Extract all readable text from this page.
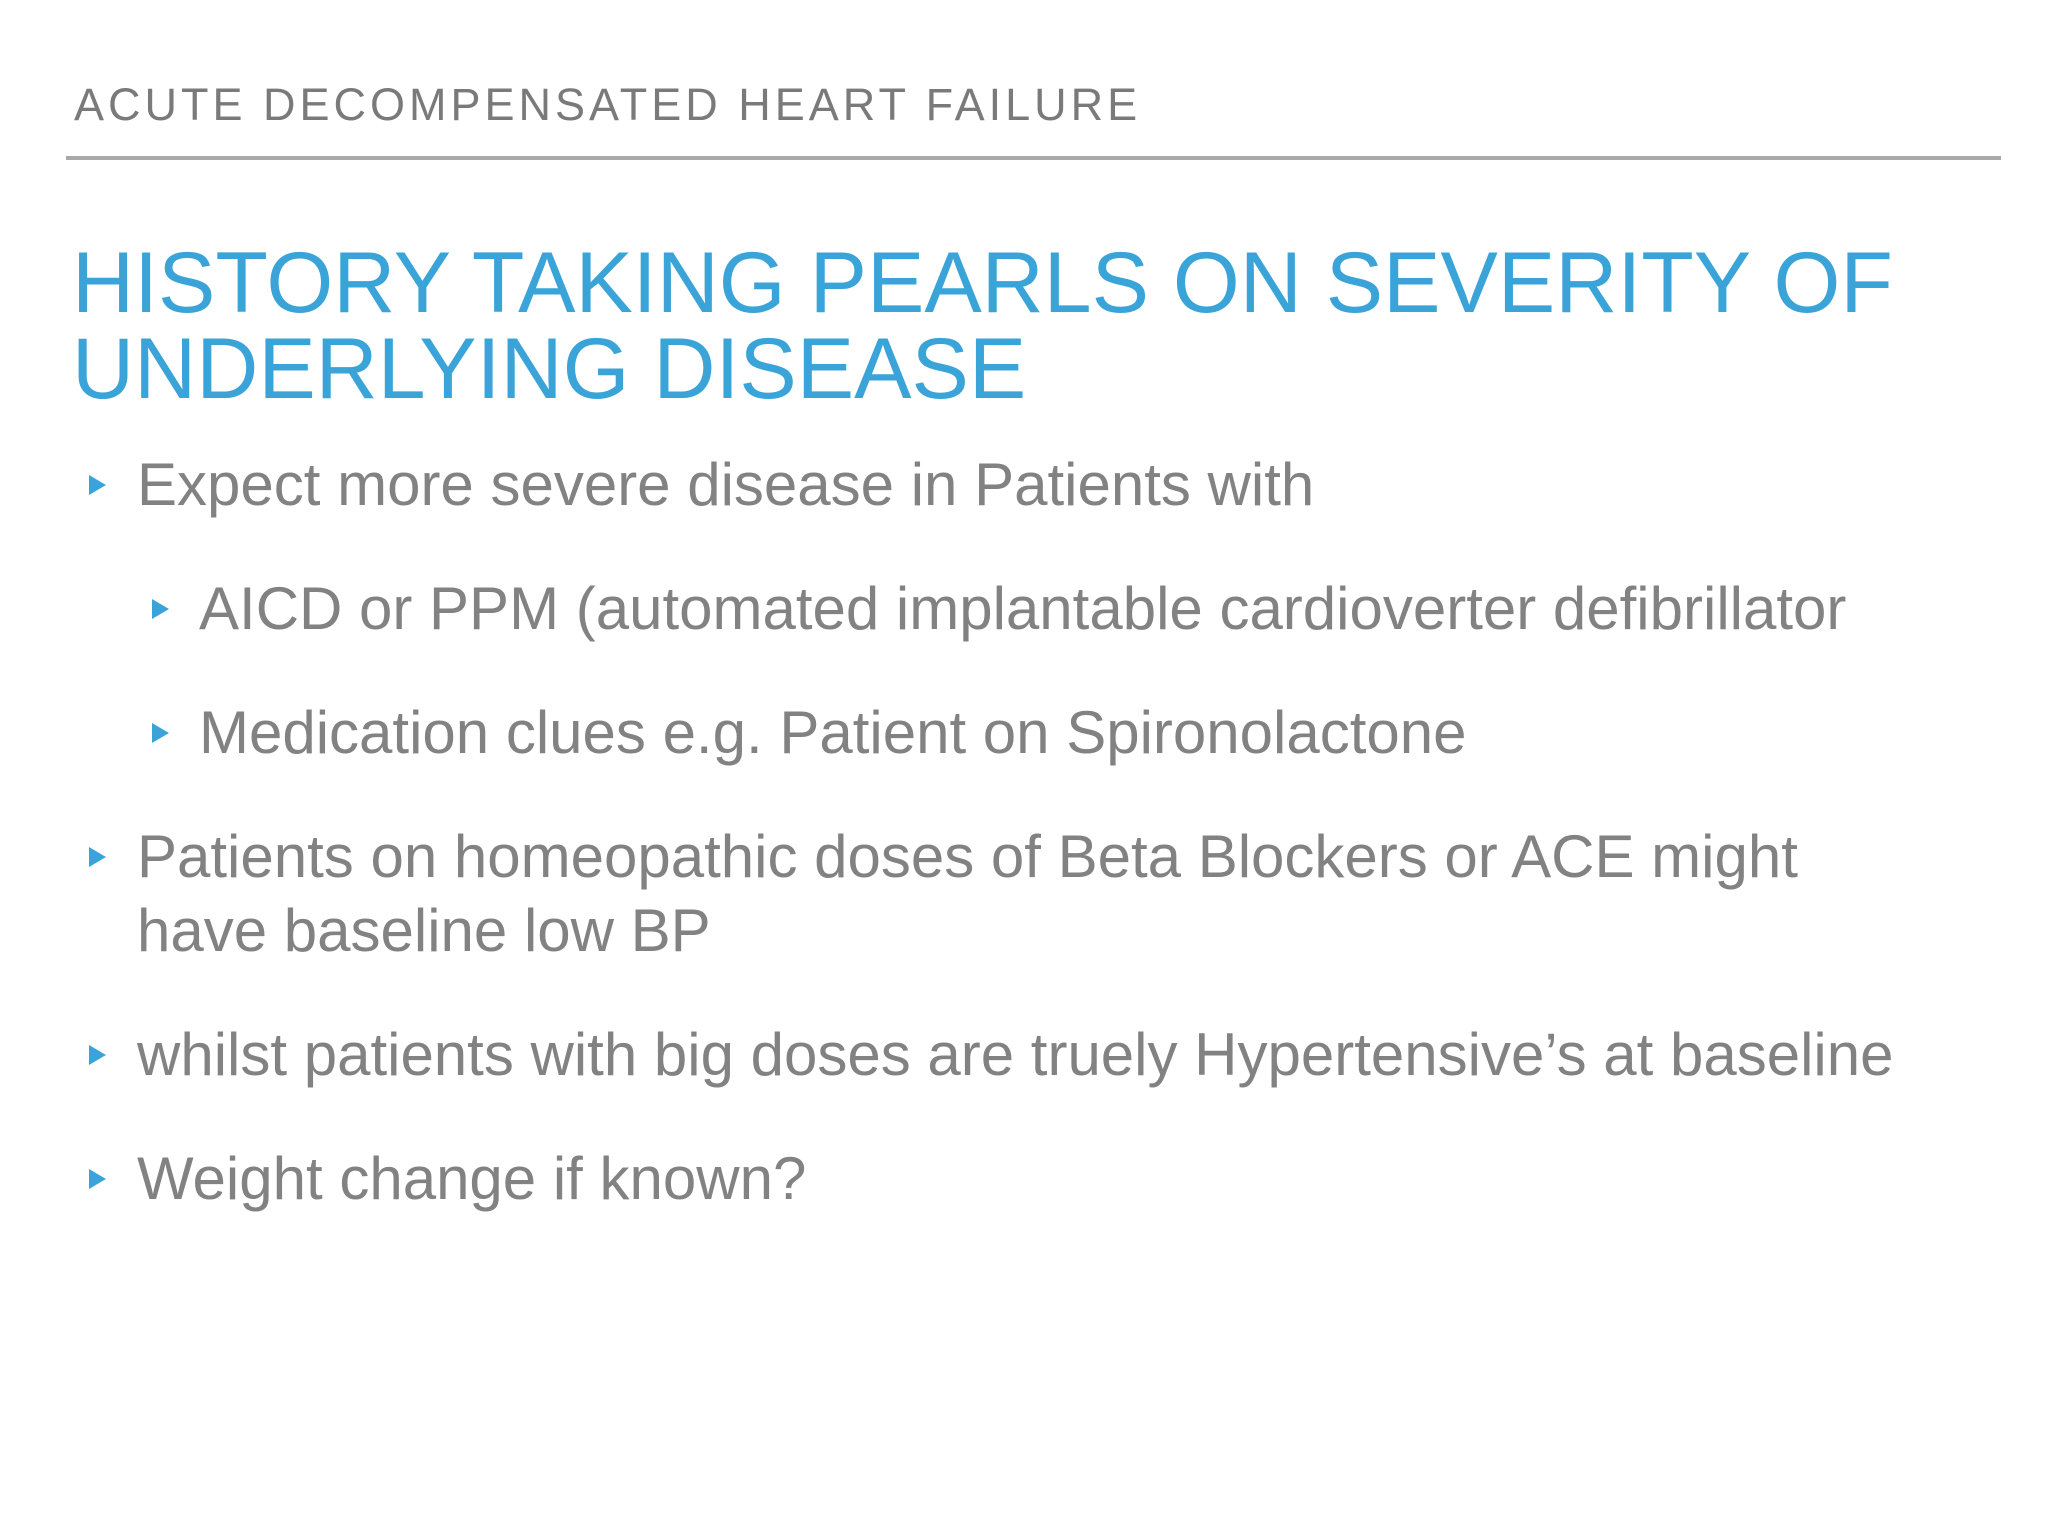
ACUTE DECOMPENSATED HEART FAILURE
HISTORY TAKING PEARLS ON SEVERITY OF
UNDERLYING DISEASE
Expect more severe disease in Patients with
AICD or PPM (automated implantable cardioverter defibrillator
Medication clues e.g. Patient on Spironolactone
Patients on homeopathic doses of Beta Blockers or ACE might
have baseline low BP
whilst patients with big doses are truely Hypertensive’s at baseline
Weight change if known?
